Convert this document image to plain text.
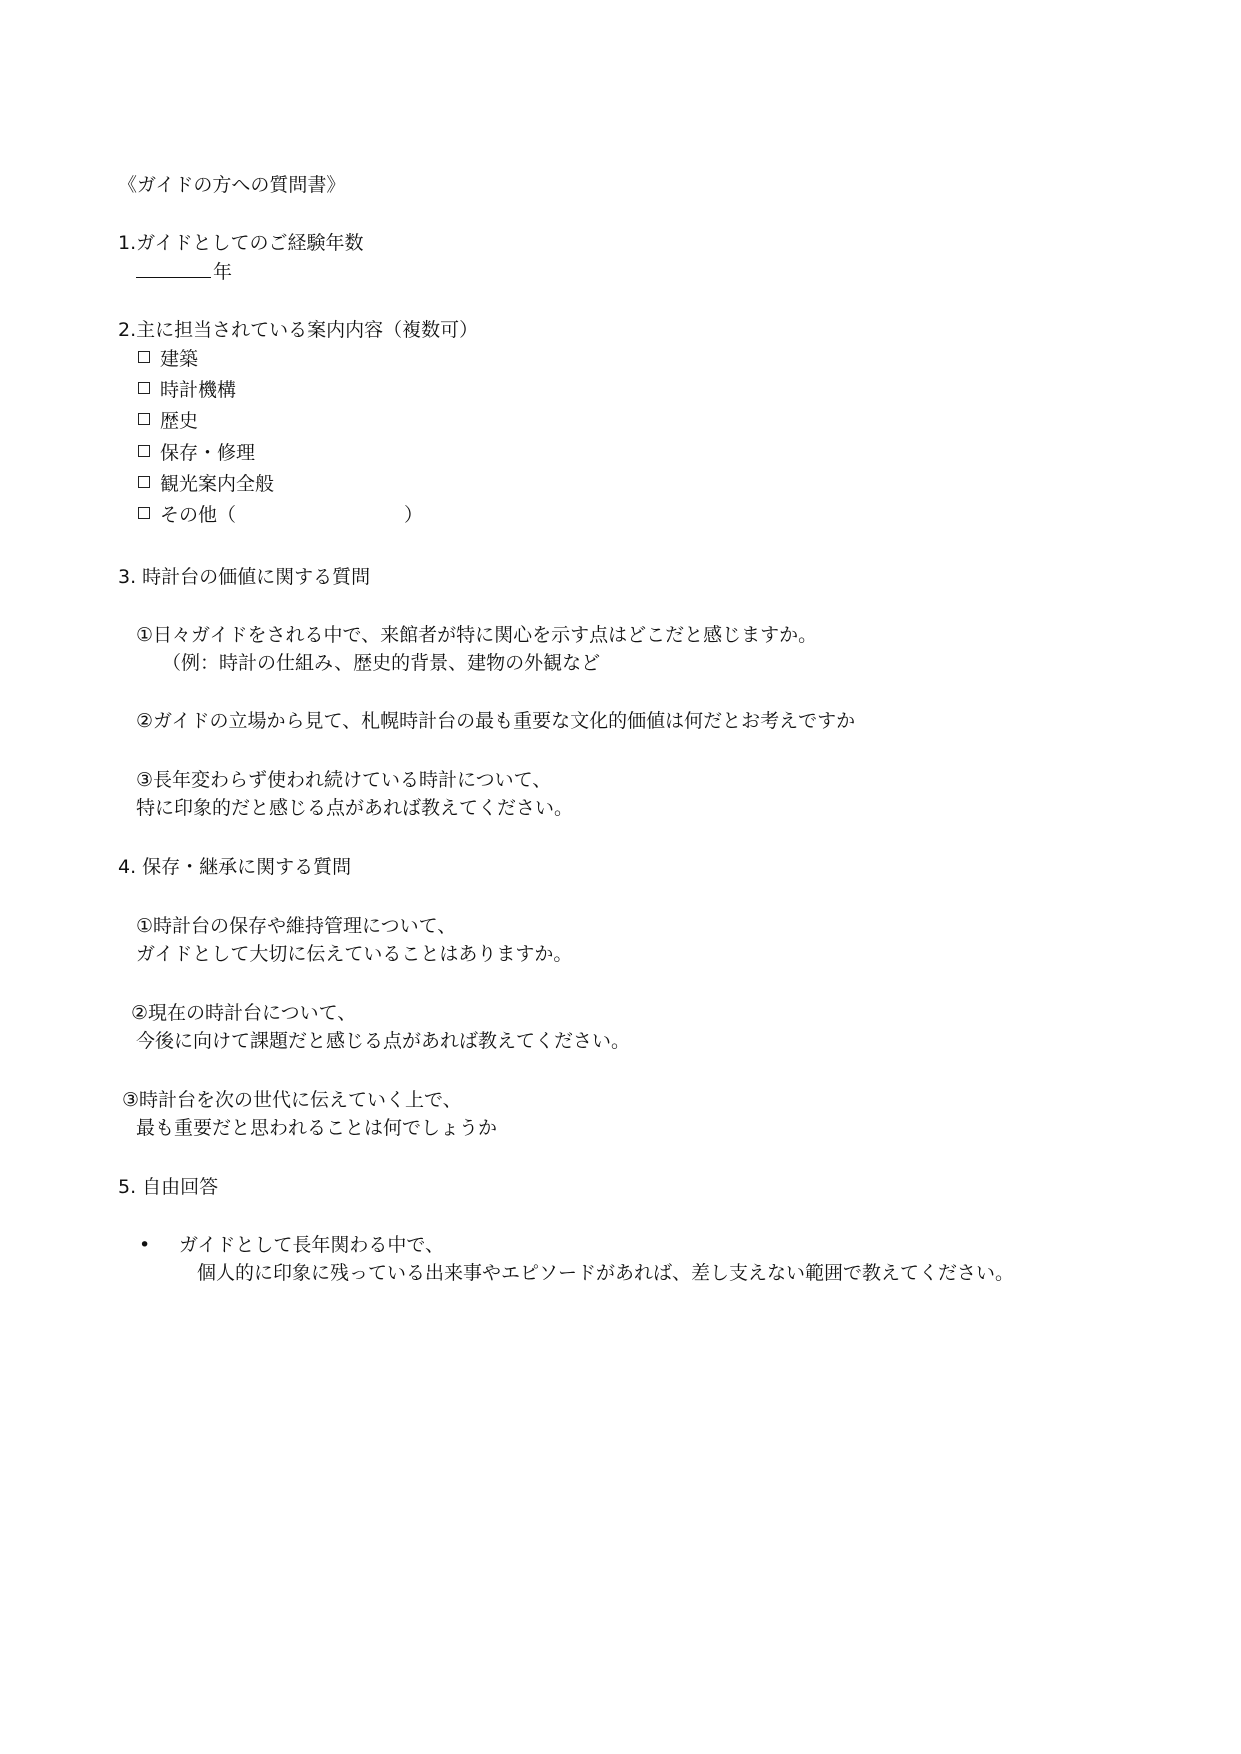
《ガイドの方への質問書》
1.ガイドとしてのご経験年数
年
2.主に担当されている案内内容（複数可）
建築
時計機構
歴史
保存・修理
観光案内全般
その他（	）
3. 時計台の価値に関する質問
①日々ガイドをされる中で、来館者が特に関心を示す点はどこだと感じますか。
（例：時計の仕組み、歴史的背景、建物の外観など
②ガイドの立場から見て、札幌時計台の最も重要な文化的価値は何だとお考えですか
③長年変わらず使われ続けている時計について、
特に印象的だと感じる点があれば教えてください。
4. 保存・継承に関する質問
①時計台の保存や維持管理について、
ガイドとして大切に伝えていることはありますか。
②現在の時計台について、
今後に向けて課題だと感じる点があれば教えてください。
③時計台を次の世代に伝えていく上で、
最も重要だと思われることは何でしょうか
5. 自由回答
• ガイドとして長年関わる中で、
個人的に印象に残っている出来事やエピソードがあれば、差し支えない範囲で教えてください。
